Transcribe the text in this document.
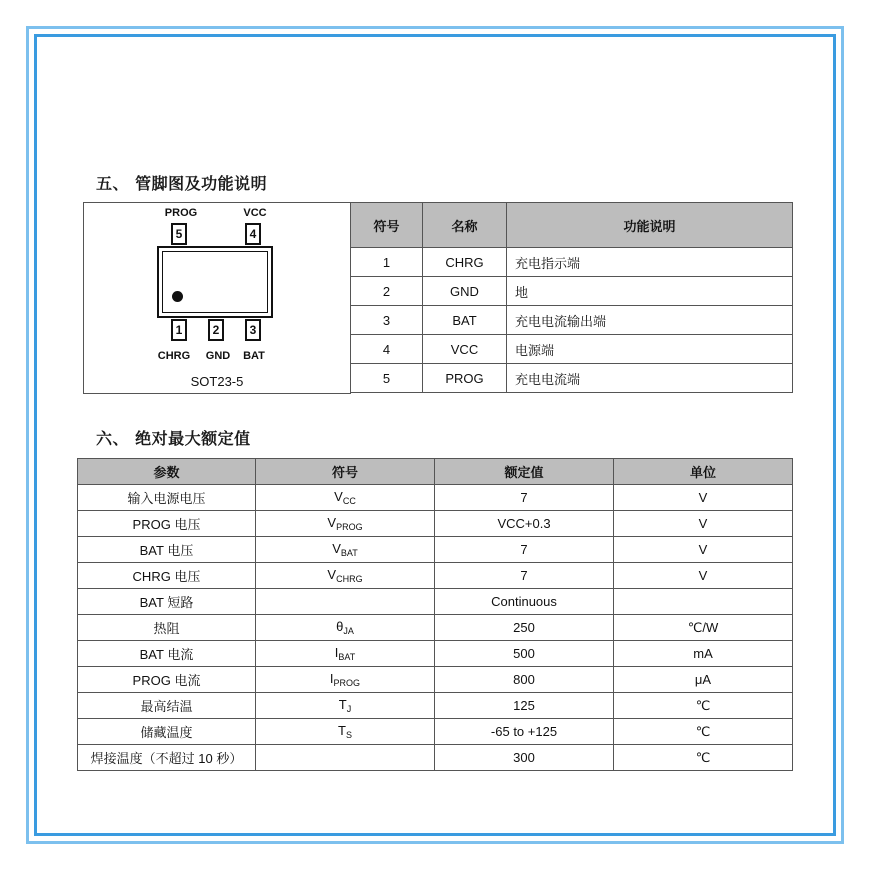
五、 管脚图及功能说明
PROG	VCC
5	4
1	2	3
CHRG	GND	BAT
SOT23-5
符号	名称	功能说明
1	CHRG	充电指示端
2	GND	地
3	BAT	充电电流输出端
4	VCC	电源端
5	PROG	充电电流端
六、 绝对最大额定值
参数	符号	额定值	单位
输入电源电压	$V_{CC}$	7	V
PROG 电压	$V_{PROG}$	VCC+0.3	V
BAT 电压	$V_{BAT}$	7	V
CHRG 电压	$V_{CHRG}$	7	V
BAT 短路		Continuous	
热阻	$\theta_{JA}$	250	℃/W
BAT 电流	$I_{BAT}$	500	mA
PROG 电流	$I_{PROG}$	800	μA
最高结温	$T_J$	125	℃
储藏温度	$T_S$	-65 to +125	℃
焊接温度（不超过 10 秒）		300	℃
